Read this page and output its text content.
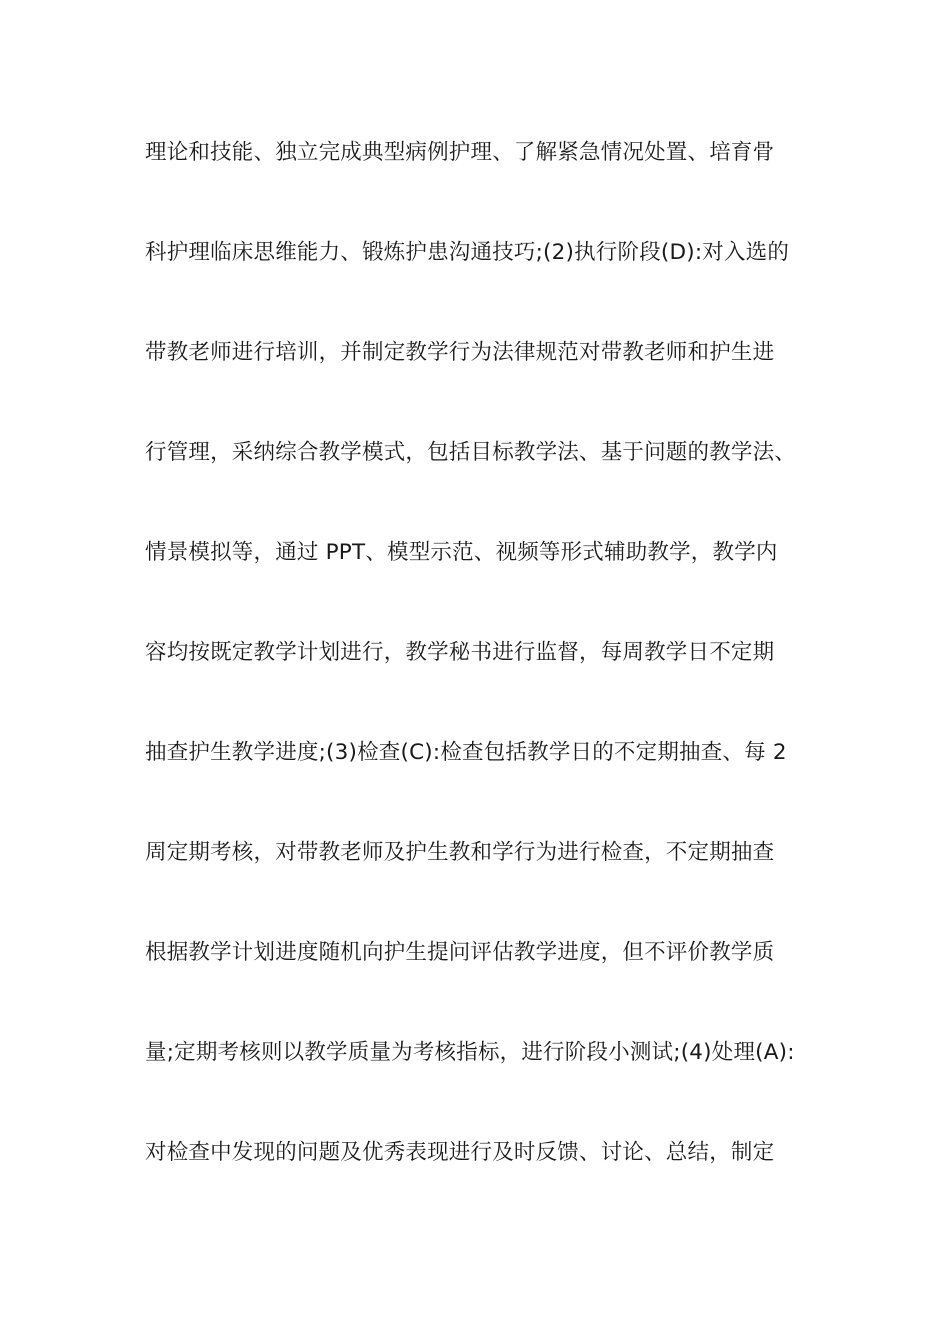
理论和技能、独立完成典型病例护理、了解紧急情况处置、培育骨
科护理临床思维能力、锻炼护患沟通技巧;(2)执行阶段(D):对入选的
带教老师进行培训，并制定教学行为法律规范对带教老师和护生进
行管理，采纳综合教学模式，包括目标教学法、基于问题的教学法、
情景模拟等，通过 PPT、模型示范、视频等形式辅助教学，教学内
容均按既定教学计划进行，教学秘书进行监督，每周教学日不定期
抽查护生教学进度;(3)检查(C):检查包括教学日的不定期抽查、每 2
周定期考核，对带教老师及护生教和学行为进行检查，不定期抽查
根据教学计划进度随机向护生提问评估教学进度，但不评价教学质
量;定期考核则以教学质量为考核指标，进行阶段小测试;(4)处理(A):
对检查中发现的问题及优秀表现进行及时反馈、讨论、总结，制定
